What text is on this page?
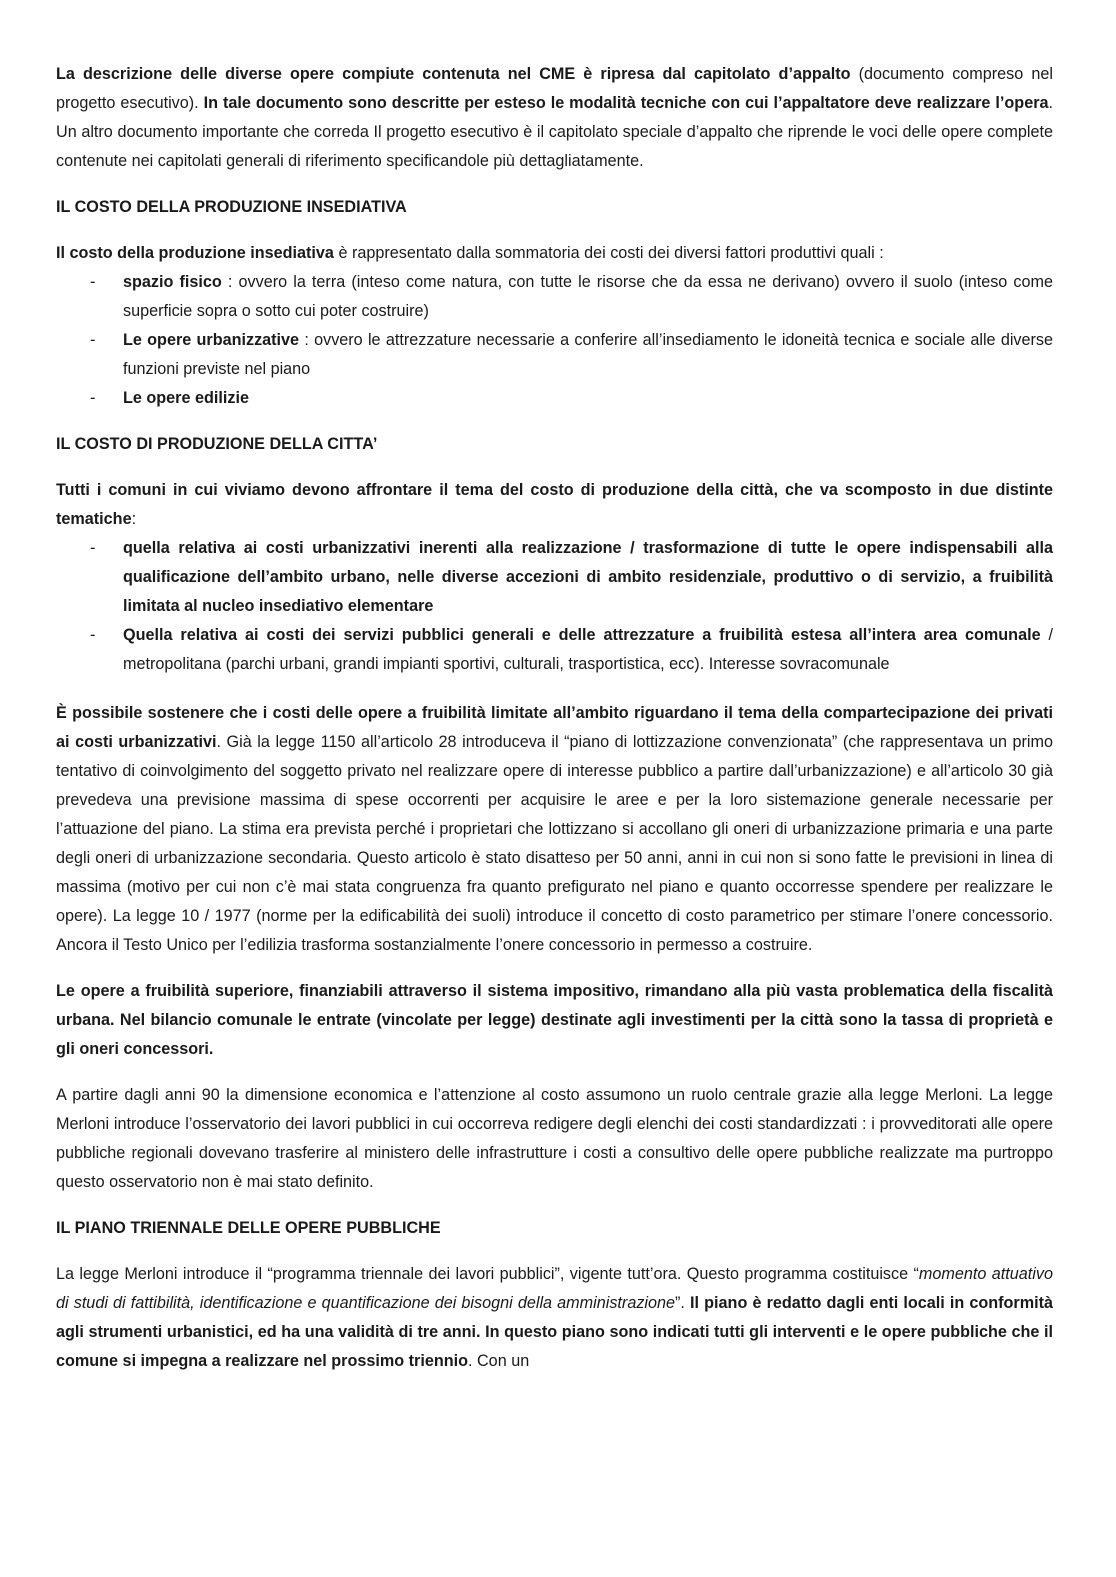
La descrizione delle diverse opere compiute contenuta nel CME è ripresa dal capitolato d’appalto (documento compreso nel progetto esecutivo). In tale documento sono descritte per esteso le modalità tecniche con cui l’appaltatore deve realizzare l’opera. Un altro documento importante che correda Il progetto esecutivo è il capitolato speciale d’appalto che riprende le voci delle opere complete contenute nei capitolati generali di riferimento specificandole più dettagliatamente.

IL COSTO DELLA PRODUZIONE INSEDIATIVA

Il costo della produzione insediativa è rappresentato dalla sommatoria dei costi dei diversi fattori produttivi quali :

- spazio fisico : ovvero la terra (inteso come natura, con tutte le risorse che da essa ne derivano) ovvero il suolo (inteso come superficie sopra o sotto cui poter costruire)
- Le opere urbanizzative : ovvero le attrezzature necessarie a conferire all’insediamento le idoneità tecnica e sociale alle diverse funzioni previste nel piano
- Le opere edilizie
IL COSTO DI PRODUZIONE DELLA CITTA’

Tutti i comuni in cui viviamo devono affrontare il tema del costo di produzione della città, che va scomposto in due distinte tematiche:

- quella relativa ai costi urbanizzativi inerenti alla realizzazione / trasformazione di tutte le opere indispensabili alla qualificazione dell’ambito urbano, nelle diverse accezioni di ambito residenziale, produttivo o di servizio, a fruibilità limitata al nucleo insediativo elementare
- Quella relativa ai costi dei servizi pubblici generali e delle attrezzature a fruibilità estesa all’intera area comunale / metropolitana (parchi urbani, grandi impianti sportivi, culturali, trasportistica, ecc). Interesse sovracomunale

È possibile sostenere che i costi delle opere a fruibilità limitate all’ambito riguardano il tema della compartecipazione dei privati ai costi urbanizzativi. Già la legge 1150 all’articolo 28 introduceva il “piano di lottizzazione convenzionata” (che rappresentava un primo tentativo di coinvolgimento del soggetto privato nel realizzare opere di interesse pubblico a partire dall’urbanizzazione) e all’articolo 30 già prevedeva una previsione massima di spese occorrenti per acquisire le aree e per la loro sistemazione generale necessarie per l’attuazione del piano. La stima era prevista perché i proprietari che lottizzano si accollano gli oneri di urbanizzazione primaria e una parte degli oneri di urbanizzazione secondaria. Questo articolo è stato disatteso per 50 anni, anni in cui non si sono fatte le previsioni in linea di massima (motivo per cui non c’è mai stata congruenza fra quanto prefigurato nel piano e quanto occorresse spendere per realizzare le opere). La legge 10 / 1977 (norme per la edificabilità dei suoli) introduce il concetto di costo parametrico per stimare l’onere concessorio. Ancora il Testo Unico per l’edilizia trasforma sostanzialmente l’onere concessorio in permesso a costruire.

Le opere a fruibilità superiore, finanziabili attraverso il sistema impositivo, rimandano alla più vasta problematica della fiscalità urbana. Nel bilancio comunale le entrate (vincolate per legge) destinate agli investimenti per la città sono la tassa di proprietà e gli oneri concessori.

A partire dagli anni 90 la dimensione economica e l’attenzione al costo assumono un ruolo centrale grazie alla legge Merloni. La legge Merloni introduce l’osservatorio dei lavori pubblici in cui occorreva redigere degli elenchi dei costi standardizzati : i provveditorati alle opere pubbliche regionali dovevano trasferire al ministero delle infrastrutture i costi a consultivo delle opere pubbliche realizzate ma purtroppo questo osservatorio non è mai stato definito.

IL PIANO TRIENNALE DELLE OPERE PUBBLICHE

La legge Merloni introduce il “programma triennale dei lavori pubblici”, vigente tutt’ora. Questo programma costituisce “momento attuativo di studi di fattibilità, identificazione e quantificazione dei bisogni della amministrazione”. Il piano è redatto dagli enti locali in conformità agli strumenti urbanistici, ed ha una validità di tre anni. In questo piano sono indicati tutti gli interventi e le opere pubbliche che il comune si impegna a realizzare nel prossimo triennio. Con un
